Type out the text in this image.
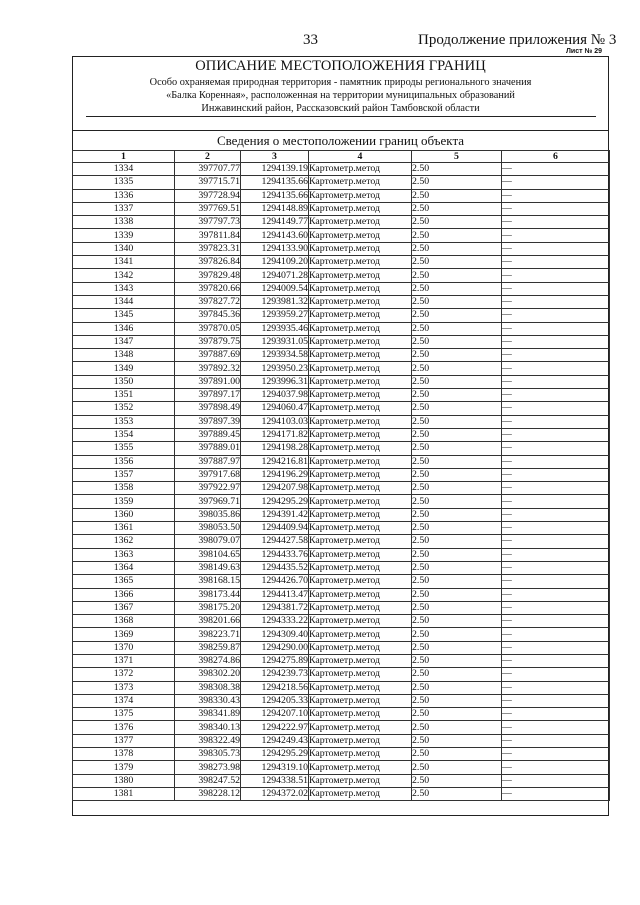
33	Продолжение приложения № 3
Лист № 29
ОПИСАНИЕ МЕСТОПОЛОЖЕНИЯ ГРАНИЦ
Особо охраняемая природная территория - памятник природы регионального значения
«Балка Коренная», расположенная на территории муниципальных образований
Инжавинский район, Рассказовский район Тамбовской области
Сведения о местоположении границ объекта
1	2	3	4	5	6
1334	397707.77	1294139.19	Картометр.метод	2.50	—
1335	397715.71	1294135.66	Картометр.метод	2.50	—
1336	397728.94	1294135.66	Картометр.метод	2.50	—
1337	397769.51	1294148.89	Картометр.метод	2.50	—
1338	397797.73	1294149.77	Картометр.метод	2.50	—
1339	397811.84	1294143.60	Картометр.метод	2.50	—
1340	397823.31	1294133.90	Картометр.метод	2.50	—
1341	397826.84	1294109.20	Картометр.метод	2.50	—
1342	397829.48	1294071.28	Картометр.метод	2.50	—
1343	397820.66	1294009.54	Картометр.метод	2.50	—
1344	397827.72	1293981.32	Картометр.метод	2.50	—
1345	397845.36	1293959.27	Картометр.метод	2.50	—
1346	397870.05	1293935.46	Картометр.метод	2.50	—
1347	397879.75	1293931.05	Картометр.метод	2.50	—
1348	397887.69	1293934.58	Картометр.метод	2.50	—
1349	397892.32	1293950.23	Картометр.метод	2.50	—
1350	397891.00	1293996.31	Картометр.метод	2.50	—
1351	397897.17	1294037.98	Картометр.метод	2.50	—
1352	397898.49	1294060.47	Картометр.метод	2.50	—
1353	397897.39	1294103.03	Картометр.метод	2.50	—
1354	397889.45	1294171.82	Картометр.метод	2.50	—
1355	397889.01	1294198.28	Картометр.метод	2.50	—
1356	397887.97	1294216.81	Картометр.метод	2.50	—
1357	397917.68	1294196.29	Картометр.метод	2.50	—
1358	397922.97	1294207.98	Картометр.метод	2.50	—
1359	397969.71	1294295.29	Картометр.метод	2.50	—
1360	398035.86	1294391.42	Картометр.метод	2.50	—
1361	398053.50	1294409.94	Картометр.метод	2.50	—
1362	398079.07	1294427.58	Картометр.метод	2.50	—
1363	398104.65	1294433.76	Картометр.метод	2.50	—
1364	398149.63	1294435.52	Картометр.метод	2.50	—
1365	398168.15	1294426.70	Картометр.метод	2.50	—
1366	398173.44	1294413.47	Картометр.метод	2.50	—
1367	398175.20	1294381.72	Картометр.метод	2.50	—
1368	398201.66	1294333.22	Картометр.метод	2.50	—
1369	398223.71	1294309.40	Картометр.метод	2.50	—
1370	398259.87	1294290.00	Картометр.метод	2.50	—
1371	398274.86	1294275.89	Картометр.метод	2.50	—
1372	398302.20	1294239.73	Картометр.метод	2.50	—
1373	398308.38	1294218.56	Картометр.метод	2.50	—
1374	398330.43	1294205.33	Картометр.метод	2.50	—
1375	398341.89	1294207.10	Картометр.метод	2.50	—
1376	398340.13	1294222.97	Картометр.метод	2.50	—
1377	398322.49	1294249.43	Картометр.метод	2.50	—
1378	398305.73	1294295.29	Картометр.метод	2.50	—
1379	398273.98	1294319.10	Картометр.метод	2.50	—
1380	398247.52	1294338.51	Картометр.метод	2.50	—
1381	398228.12	1294372.02	Картометр.метод	2.50	—
